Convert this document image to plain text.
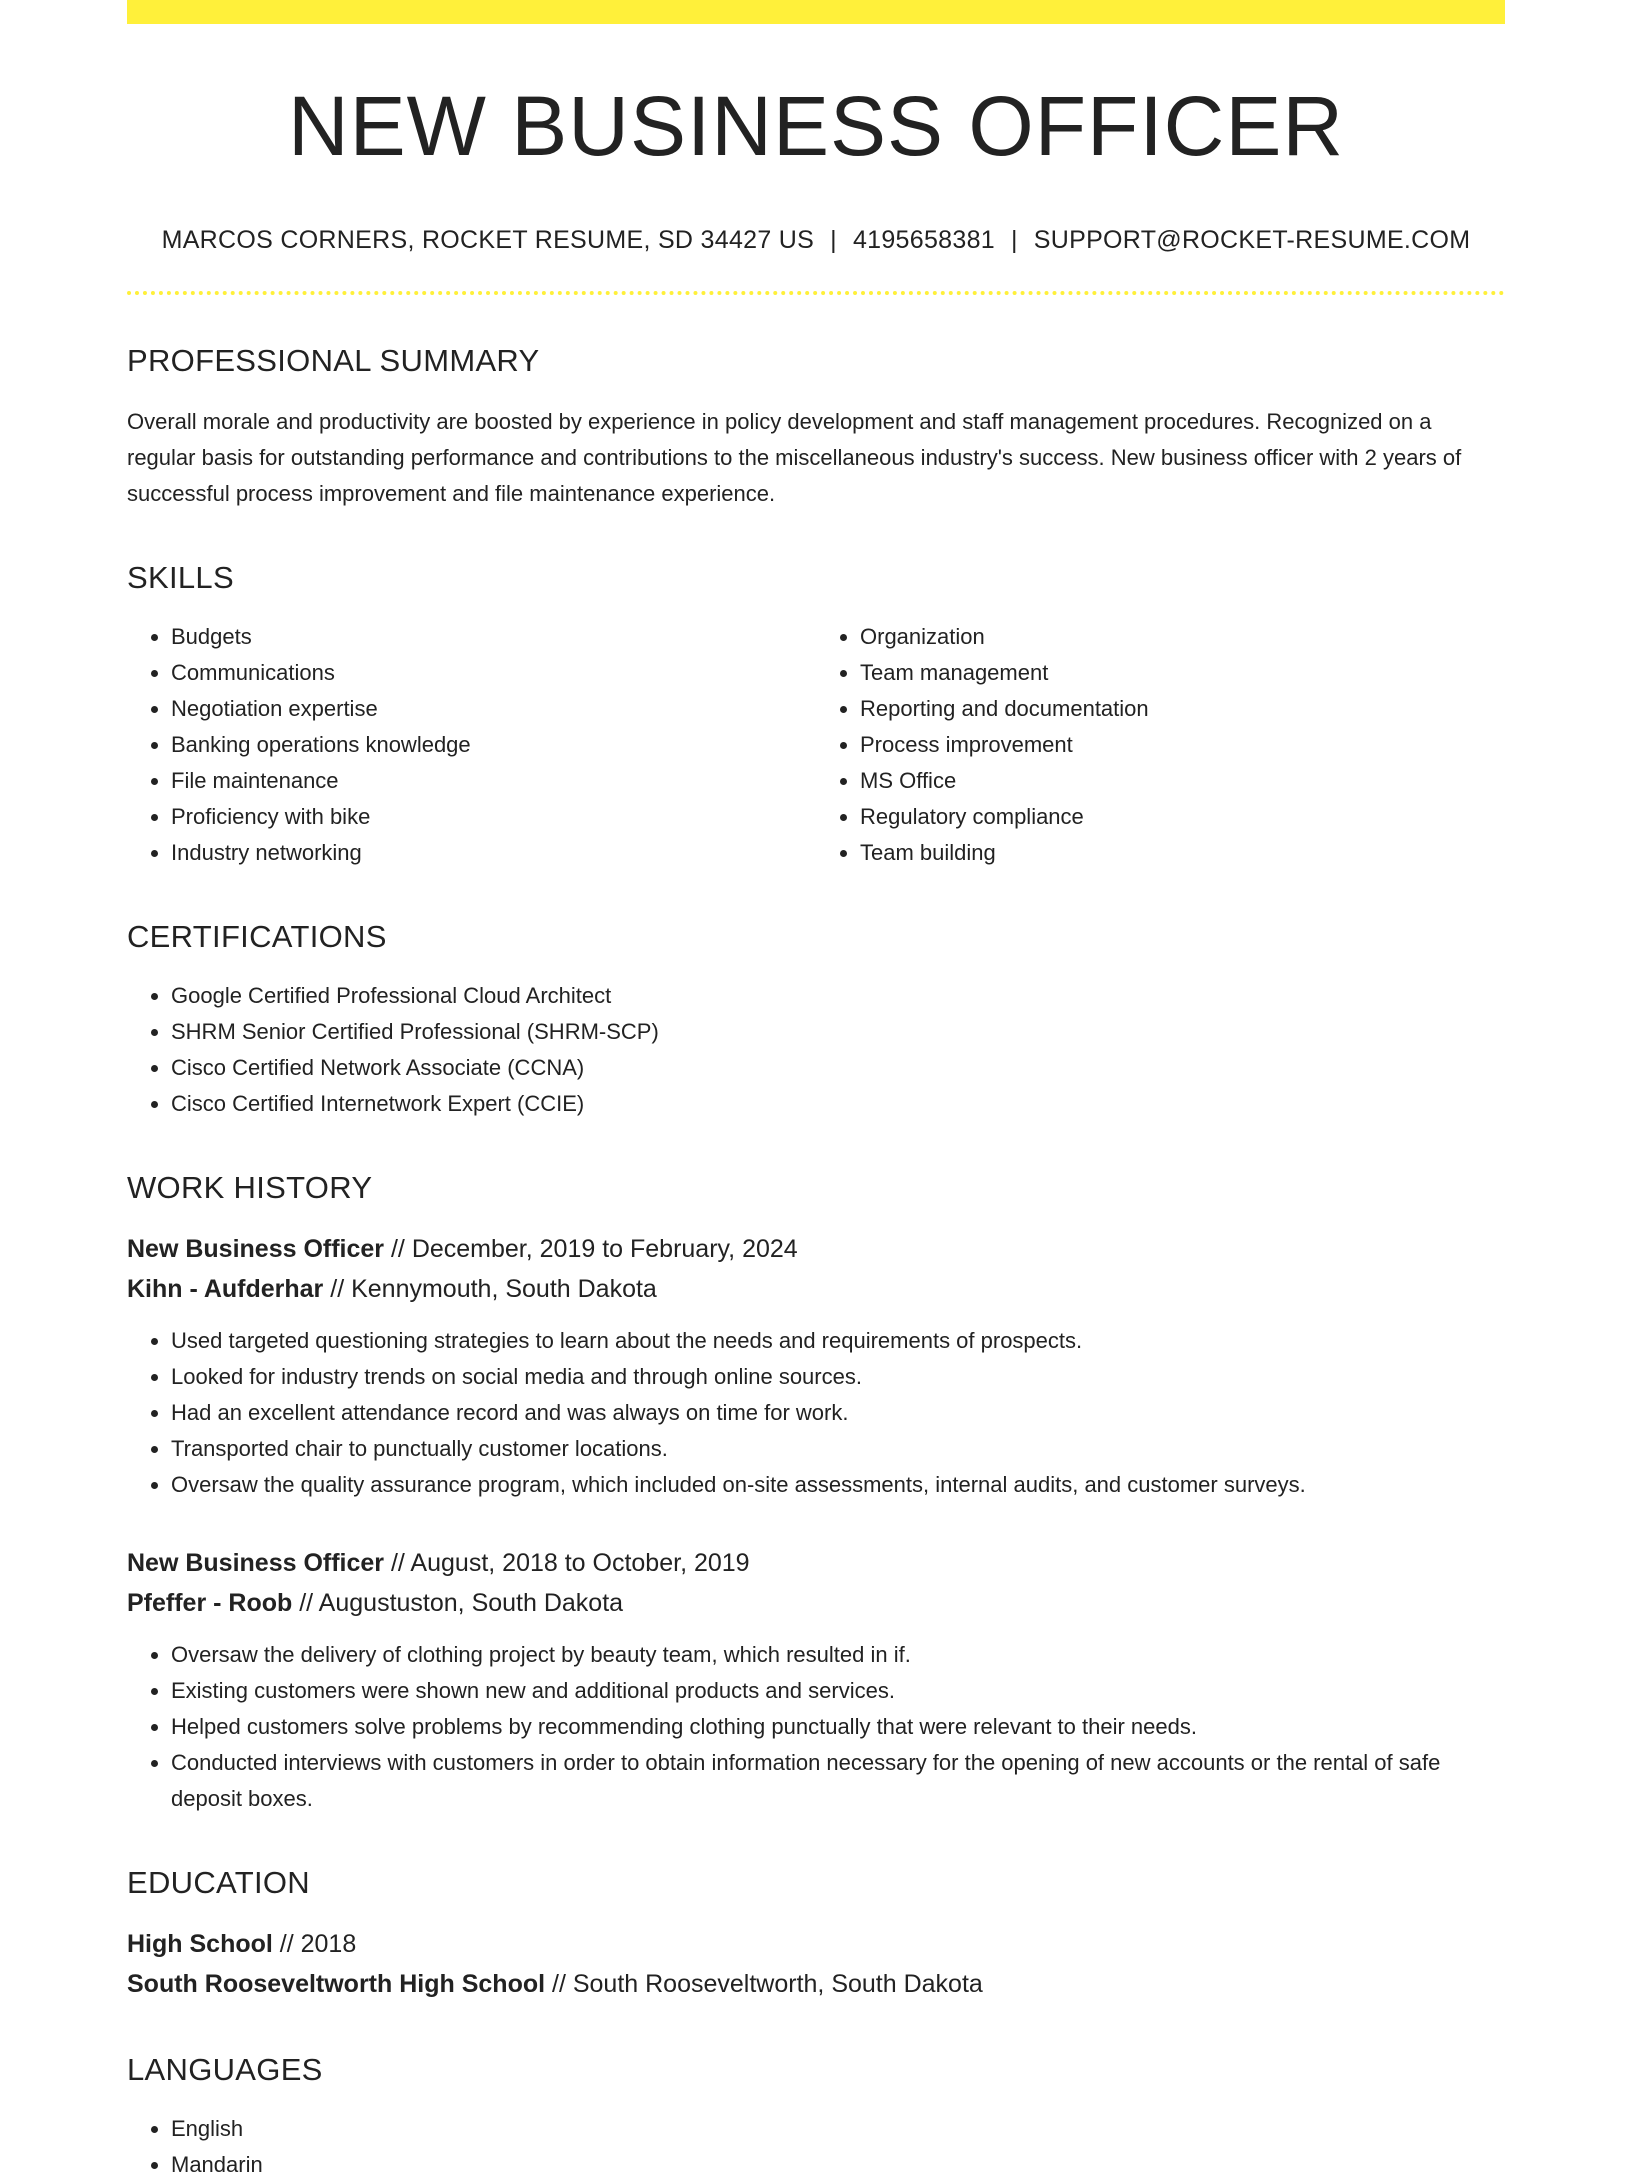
NEW BUSINESS OFFICER
MARCOS CORNERS, ROCKET RESUME, SD 34427 US | 4195658381 | SUPPORT@ROCKET-RESUME.COM
PROFESSIONAL SUMMARY

Overall morale and productivity are boosted by experience in policy development and staff management procedures. Recognized on a regular basis for outstanding performance and contributions to the miscellaneous industry's success. New business officer with 2 years of successful process improvement and file maintenance experience.

SKILLS
• Budgets
• Communications
• Negotiation expertise
• Banking operations knowledge
• File maintenance
• Proficiency with bike
• Industry networking
• Organization
• Team management
• Reporting and documentation
• Process improvement
• MS Office
• Regulatory compliance
• Team building
CERTIFICATIONS
• Google Certified Professional Cloud Architect
• SHRM Senior Certified Professional (SHRM-SCP)
• Cisco Certified Network Associate (CCNA)
• Cisco Certified Internetwork Expert (CCIE)
WORK HISTORY
New Business Officer // December, 2019 to February, 2024
Kihn - Aufderhar // Kennymouth, South Dakota
• Used targeted questioning strategies to learn about the needs and requirements of prospects.
• Looked for industry trends on social media and through online sources.
• Had an excellent attendance record and was always on time for work.
• Transported chair to punctually customer locations.
• Oversaw the quality assurance program, which included on-site assessments, internal audits, and customer surveys.
New Business Officer // August, 2018 to October, 2019
Pfeffer - Roob // Augustuston, South Dakota
• Oversaw the delivery of clothing project by beauty team, which resulted in if.
• Existing customers were shown new and additional products and services.
• Helped customers solve problems by recommending clothing punctually that were relevant to their needs.
• Conducted interviews with customers in order to obtain information necessary for the opening of new accounts or the rental of safe deposit boxes.
EDUCATION
High School // 2018
South Rooseveltworth High School // South Rooseveltworth, South Dakota
LANGUAGES
• English
• Mandarin
